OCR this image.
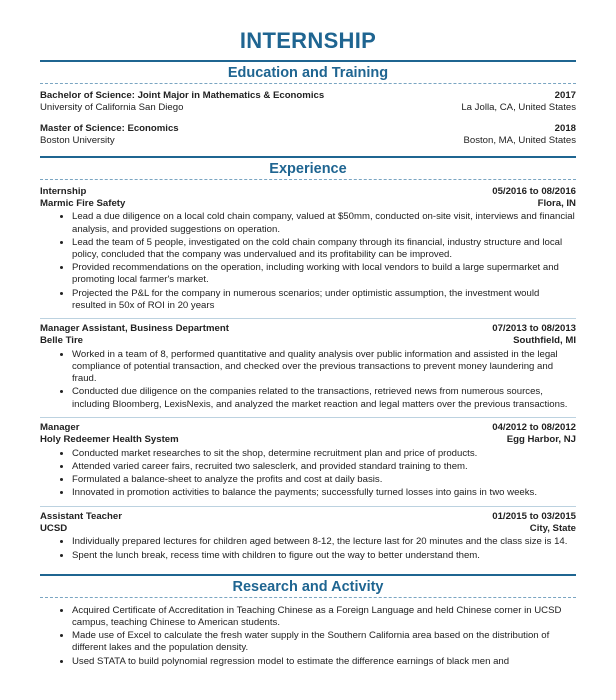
INTERNSHIP
Education and Training
Bachelor of Science: Joint Major in Mathematics & Economics	2017
University of California San Diego	La Jolla, CA, United States
Master of Science: Economics	2018
Boston University	Boston, MA, United States
Experience
Internship	05/2016 to 08/2016
Marmic Fire Safety	Flora, IN
• Lead a due diligence on a local cold chain company, valued at $50mm, conducted on-site visit, interviews and financial analysis, and provided suggestions on operation.
• Lead the team of 5 people, investigated on the cold chain company through its financial, industry structure and local policy, concluded that the company was undervalued and its profitability can be improved.
• Provided recommendations on the operation, including working with local vendors to build a large supermarket and promoting local farmer's market.
• Projected the P&L for the company in numerous scenarios; under optimistic assumption, the investment would resulted in 50x of ROI in 20 years
Manager Assistant, Business Department	07/2013 to 08/2013
Belle Tire	Southfield, MI
• Worked in a team of 8, performed quantitative and quality analysis over public information and assisted in the legal compliance of potential transaction, and checked over the previous transactions to prevent money laundering and fraud.
• Conducted due diligence on the companies related to the transactions, retrieved news from numerous sources, including Bloomberg, LexisNexis, and analyzed the market reaction and legal matters over the previous transactions.
Manager	04/2012 to 08/2012
Holy Redeemer Health System	Egg Harbor, NJ
• Conducted market researches to sit the shop, determine recruitment plan and price of products.
• Attended varied career fairs, recruited two salesclerk, and provided standard training to them.
• Formulated a balance-sheet to analyze the profits and cost at daily basis.
• Innovated in promotion activities to balance the payments; successfully turned losses into gains in two weeks.
Assistant Teacher	01/2015 to 03/2015
UCSD	City, State
• Individually prepared lectures for children aged between 8-12, the lecture last for 20 minutes and the class size is 14.
• Spent the lunch break, recess time with children to figure out the way to better understand them.
Research and Activity
• Acquired Certificate of Accreditation in Teaching Chinese as a Foreign Language and held Chinese corner in UCSD campus, teaching Chinese to American students.
• Made use of Excel to calculate the fresh water supply in the Southern California area based on the distribution of different lakes and the population density.
• Used STATA to build polynomial regression model to estimate the difference earnings of black men and
